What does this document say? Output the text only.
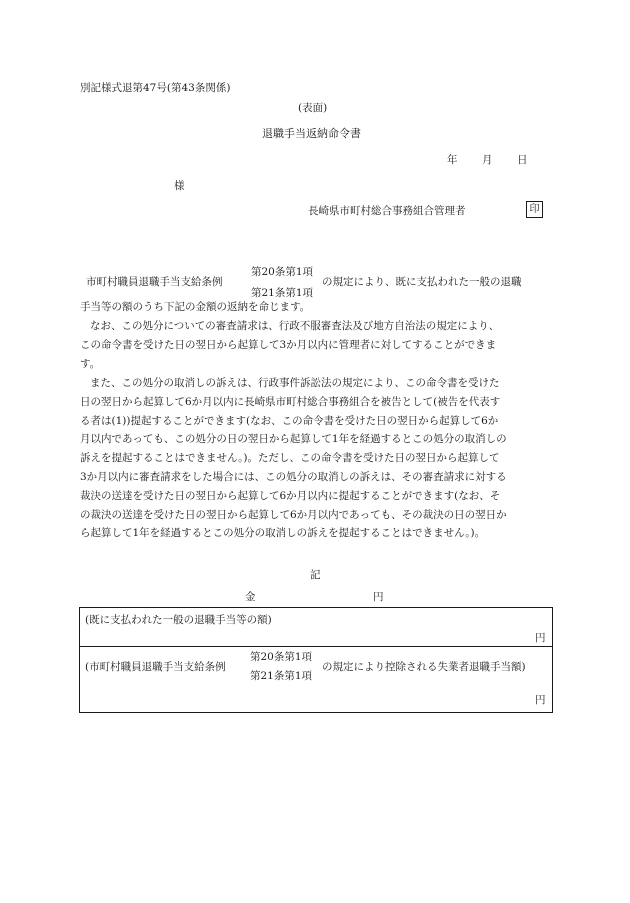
別記様式退第47号(第43条関係)
(表面)
退職手当返納命令書
年 月 日
様
長崎県市町村総合事務組合管理者	印
市町村職員退職手当支給条例
第20条第1項
第21条第1項
の規定により、既に支払われた一般の退職
手当等の額のうち下記の金額の返納を命じます。
なお、この処分についての審査請求は、行政不服審査法及び地方自治法の規定により、
この命令書を受けた日の翌日から起算して3か月以内に管理者に対してすることができま
す。
また、この処分の取消しの訴えは、行政事件訴訟法の規定により、この命令書を受けた
日の翌日から起算して6か月以内に長崎県市町村総合事務組合を被告として(被告を代表す
る者は(1))提起することができます(なお、この命令書を受けた日の翌日から起算して6か
月以内であっても、この処分の日の翌日から起算して1年を経過するとこの処分の取消しの
訴えを提起することはできません。)。ただし、この命令書を受けた日の翌日から起算して
3か月以内に審査請求をした場合には、この処分の取消しの訴えは、その審査請求に対する
裁決の送達を受けた日の翌日から起算して6か月以内に提起することができます(なお、そ
の裁決の送達を受けた日の翌日から起算して6か月以内であっても、その裁決の日の翌日か
ら起算して1年を経過するとこの処分の取消しの訴えを提起することはできません。)。
記
金	円
(既に支払われた一般の退職手当等の額)
円
(市町村職員退職手当支給条例
第20条第1項
第21条第1項
の規定により控除される失業者退職手当額)
円
